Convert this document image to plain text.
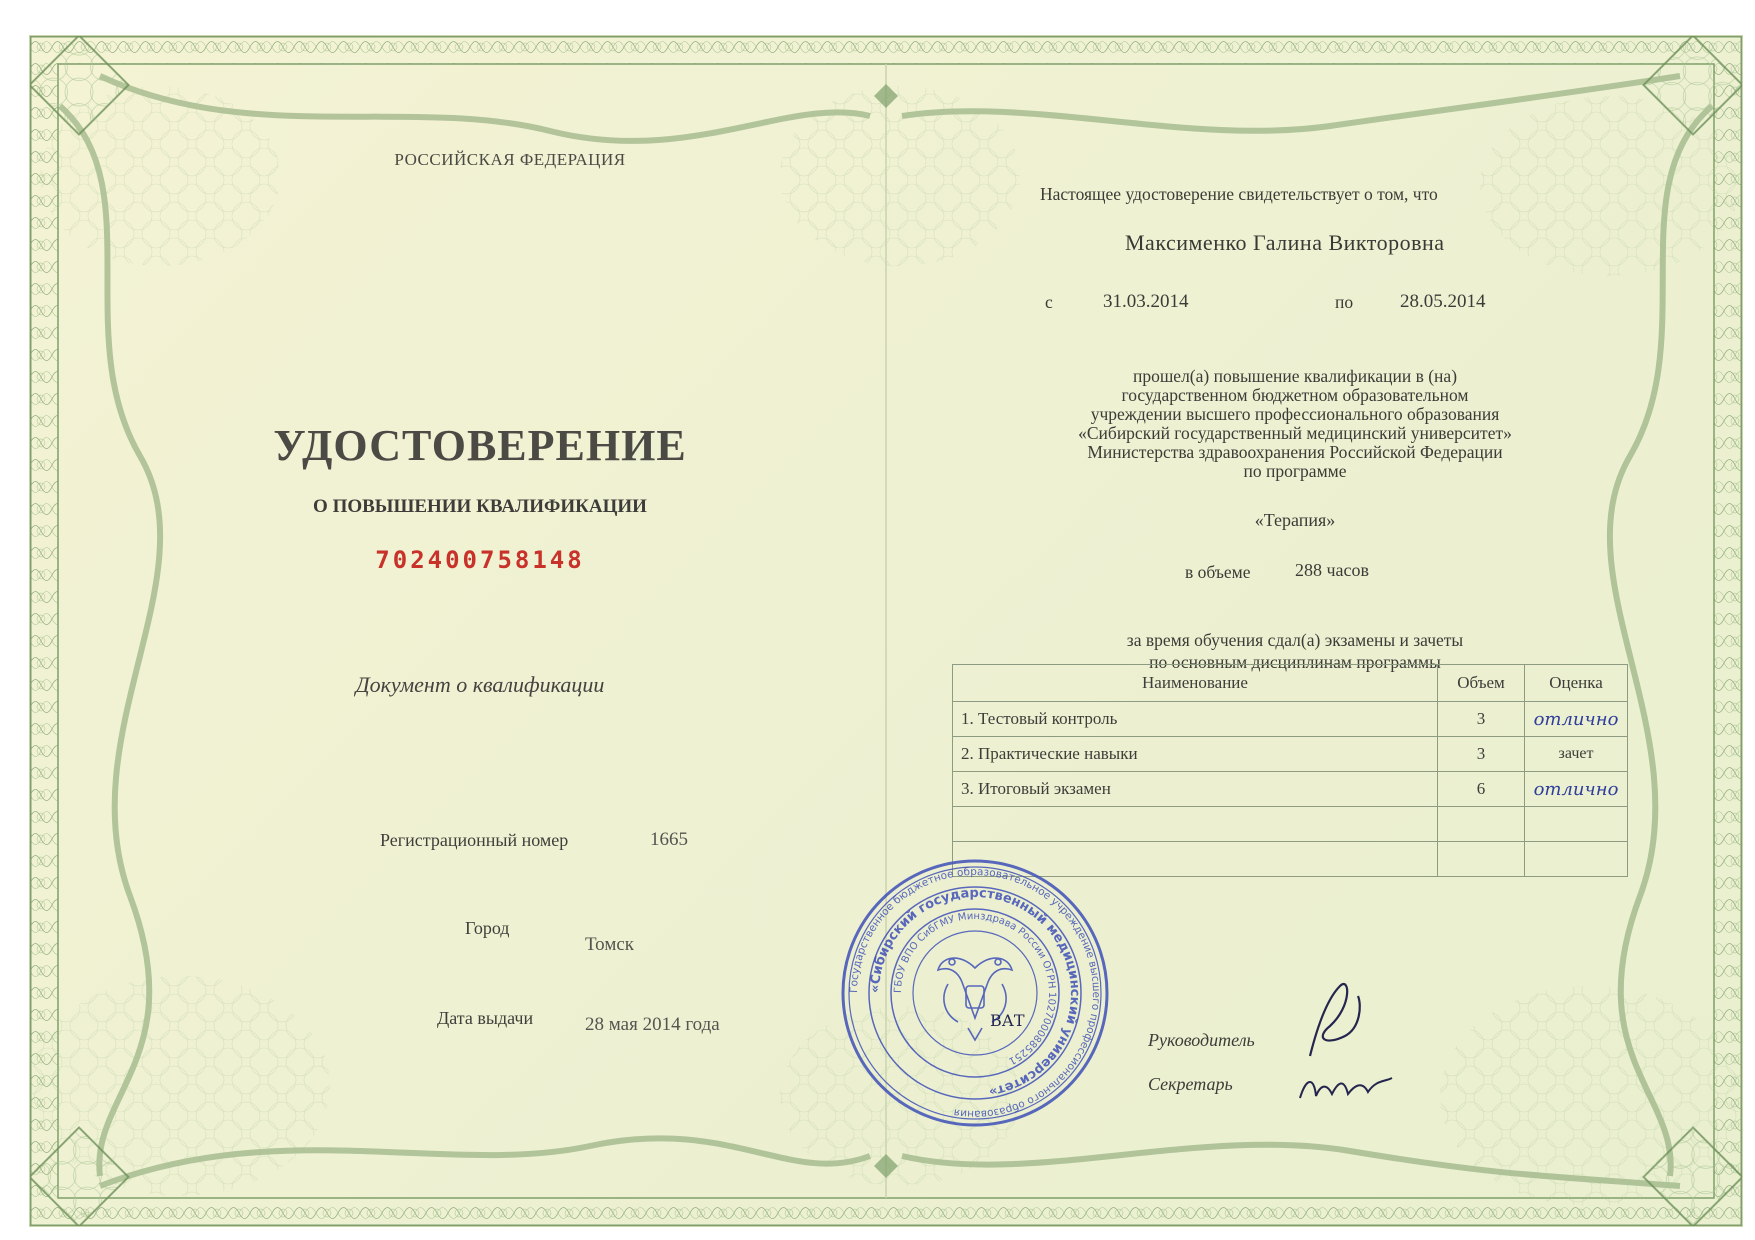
РОССИЙСКАЯ ФЕДЕРАЦИЯ
УДОСТОВЕРЕНИЕ
О ПОВЫШЕНИИ КВАЛИФИКАЦИИ
702400758148
Документ о квалификации
Регистрационный номер	1665
Город
Томск
Дата выдачи	28 мая 2014 года
Настоящее удостоверение свидетельствует о том, что
Максименко Галина Викторовна
с	31.03.2014	по 28.05.2014
прошел(а) повышение квалификации в (на)
государственном бюджетном образовательном
учреждении высшего профессионального образования
«Сибирский государственный медицинский университет»
Министерства здравоохранения Российской Федерации
по программе
«Терапия»
в объеме 288 часов
за время обучения сдал(а) экзамены и зачеты
по основным дисциплинам программы
Наименование	Объем	Оценка
1. Тестовый контроль	3	отлично
2. Практические навыки	3	зачет
3. Итоговый экзамен	6	отлично

Руководитель
Секретарь
Государственное бюджетное образовательное учреждение высшего профессионального образования
«Сибирский государственный медицинский университет»
ГБОУ ВПО СибГМУ Минздрава России ОГРН 1027000885251
ВАТ
